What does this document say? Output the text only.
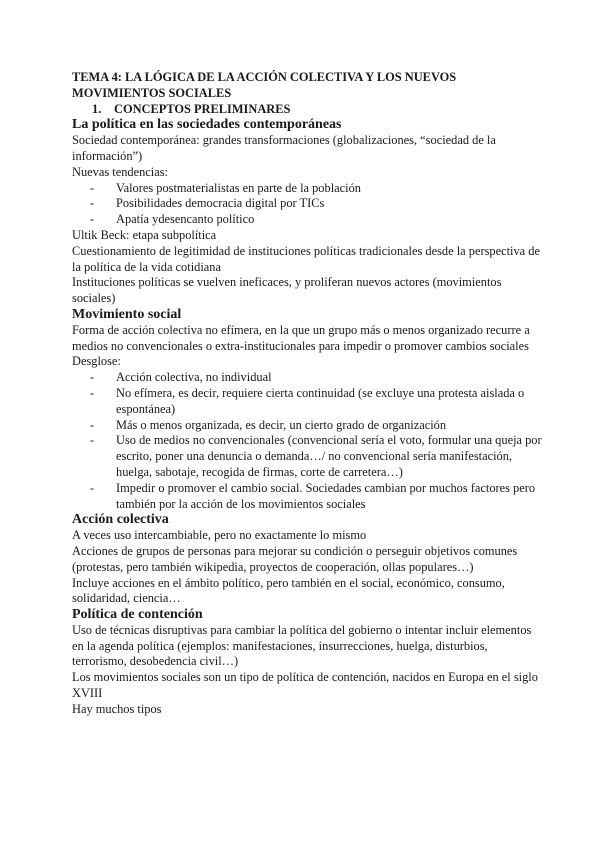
TEMA 4: LA LÓGICA DE LA ACCIÓN COLECTIVA Y LOS NUEVOS MOVIMIENTOS SOCIALES

1.	CONCEPTOS PRELIMINARES

La política en las sociedades contemporáneas

Sociedad contemporánea: grandes transformaciones (globalizaciones, “sociedad de la información”)

Nuevas tendencias:

- Valores postmaterialistas en parte de la población
- Posibilidades democracia digital por TICs
- Apatía ydesencanto político

Ultik Beck: etapa subpolítica

Cuestionamiento de legitimidad de instituciones políticas tradicionales desde la perspectiva de la política de la vida cotidiana

Instituciones políticas se vuelven ineficaces, y proliferan nuevos actores (movimientos sociales)

Movimiento social

Forma de acción colectiva no efímera, en la que un grupo más o menos organizado recurre a medios no convencionales o extra-institucionales para impedir o promover cambios sociales

Desglose:

- Acción colectiva, no individual
- No efímera, es decir, requiere cierta continuidad (se excluye una protesta aislada o espontánea)
- Más o menos organizada, es decir, un cierto grado de organización
- Uso de medios no convencionales (convencional sería el voto, formular una queja por escrito, poner una denuncia o demanda…/ no convencional sería manifestación, huelga, sabotaje, recogida de firmas, corte de carretera…)
- Impedir o promover el cambio social. Sociedades cambian por muchos factores pero también por la acción de los movimientos sociales

Acción colectiva

A veces uso intercambiable, pero no exactamente lo mismo

Acciones de grupos de personas para mejorar su condición o perseguir objetivos comunes (protestas, pero también wikipedia, proyectos de cooperación, ollas populares…)

Incluye acciones en el ámbito político, pero también en el social, económico, consumo, solidaridad, ciencia…

Política de contención

Uso de técnicas disruptivas para cambiar la política del gobierno o intentar incluir elementos en la agenda política (ejemplos: manifestaciones, insurrecciones, huelga, disturbios, terrorismo, desobedencia civil…)

Los movimientos sociales son un tipo de política de contención, nacidos en Europa en el siglo XVIII

Hay muchos tipos
